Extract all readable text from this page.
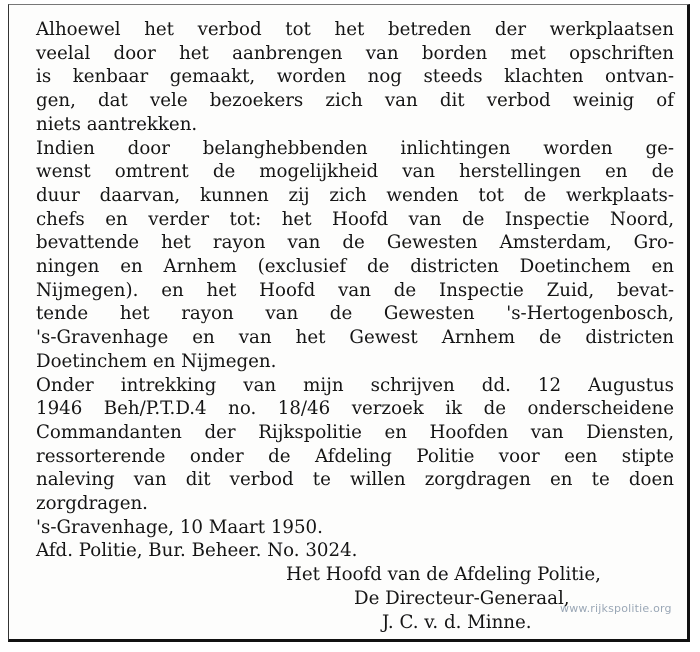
Alhoewel het verbod tot het betreden der werkplaatsen
veelal door het aanbrengen van borden met opschriften
is kenbaar gemaakt, worden nog steeds klachten ontvan-
gen, dat vele bezoekers zich van dit verbod weinig of
niets aantrekken.
Indien door belanghebbenden inlichtingen worden ge-
wenst omtrent de mogelijkheid van herstellingen en de
duur daarvan, kunnen zij zich wenden tot de werkplaats-
chefs en verder tot: het Hoofd van de Inspectie Noord,
bevattende het rayon van de Gewesten Amsterdam, Gro-
ningen en Arnhem (exclusief de districten Doetinchem en
Nijmegen). en het Hoofd van de Inspectie Zuid, bevat-
tende het rayon van de Gewesten 's-Hertogenbosch,
's-Gravenhage en van het Gewest Arnhem de districten
Doetinchem en Nijmegen.
Onder intrekking van mijn schrijven dd. 12 Augustus
1946 Beh/P.T.D.4 no. 18/46 verzoek ik de onderscheidene
Commandanten der Rijkspolitie en Hoofden van Diensten,
ressorterende onder de Afdeling Politie voor een stipte
naleving van dit verbod te willen zorgdragen en te doen
zorgdragen.
's-Gravenhage, 10 Maart 1950.
Afd. Politie, Bur. Beheer. No. 3024.
Het Hoofd van de Afdeling Politie,
De Directeur-Generaal,
J. C. v. d. Minne.
www.rijkspolitie.org
